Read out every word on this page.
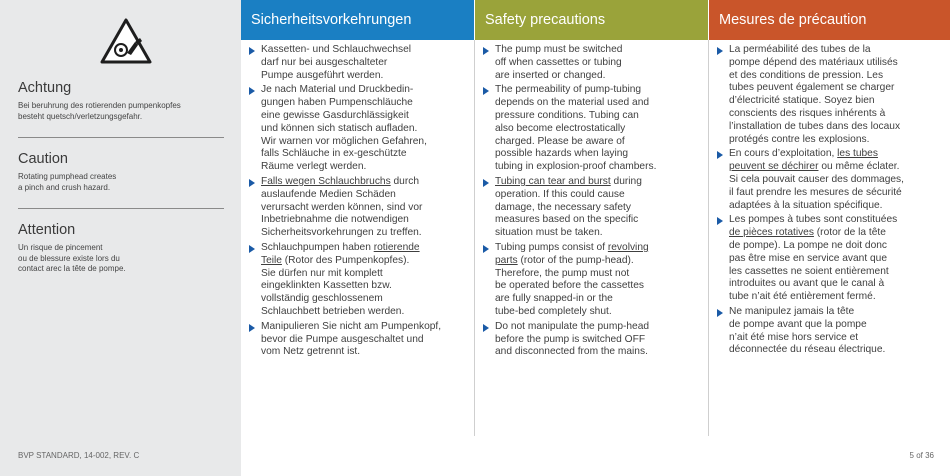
Achtung

Bei beruhrung des rotierenden pumpenkopfes
besteht quetsch/verletzungsgefahr.

Caution

Rotating pumphead creates
a pinch and crush hazard.

Attention

Un risque de pincement
ou de blessure existe lors du
contact arec la tête de pompe.

BVP STANDARD, 14-002, REV. C
Sicherheitsvorkehrungen
Kassetten- und Schlauchwechsel
darf nur bei ausgeschalteter
Pumpe ausgeführt werden.
Je nach Material und Druckbedin-
gungen haben Pumpenschläuche
eine gewisse Gasdurchlässigkeit
und können sich statisch aufladen.
Wir warnen vor möglichen Gefahren,
falls Schläuche in ex-geschützte
Räume verlegt werden.
Falls wegen Schlauchbruchs durch
auslaufende Medien Schäden
verursacht werden können, sind vor
Inbetriebnahme die notwendigen
Sicherheitsvorkehrungen zu treffen.
Schlauchpumpen haben rotierende
Teile (Rotor des Pumpenkopfes).
Sie dürfen nur mit komplett
eingeklinkten Kassetten bzw.
vollständig geschlossenem
Schlauchbett betrieben werden.
Manipulieren Sie nicht am Pumpenkopf,
bevor die Pumpe ausgeschaltet und
vom Netz getrennt ist.
Safety precautions
The pump must be switched
off when cassettes or tubing
are inserted or changed.
The permeability of pump-tubing
depends on the material used and
pressure conditions. Tubing can
also become electrostatically
charged. Please be aware of
possible hazards when laying
tubing in explosion-proof chambers.
Tubing can tear and burst during
operation. If this could cause
damage, the necessary safety
measures based on the specific
situation must be taken.
Tubing pumps consist of revolving
parts (rotor of the pump-head).
Therefore, the pump must not
be operated before the cassettes
are fully snapped-in or the
tube-bed completely shut.
Do not manipulate the pump-head
before the pump is switched OFF
and disconnected from the mains.
Mesures de précaution
La perméabilité des tubes de la
pompe dépend des matériaux utilisés
et des conditions de pression. Les
tubes peuvent également se charger
d’électricité statique. Soyez bien
conscients des risques inhérents à
l’installation de tubes dans des locaux
protégés contre les explosions.
En cours d’exploitation, les tubes
peuvent se déchirer ou même éclater.
Si cela pouvait causer des dommages,
il faut prendre les mesures de sécurité
adaptées à la situation spécifique.
Les pompes à tubes sont constituées
de pièces rotatives (rotor de la tête
de pompe). La pompe ne doit donc
pas être mise en service avant que
les cassettes ne soient entièrement
introduites ou avant que le canal à
tube n’ait été entièrement fermé.
Ne manipulez jamais la tête
de pompe avant que la pompe
n’ait été mise hors service et
déconnectée du réseau électrique.
5 of 36
